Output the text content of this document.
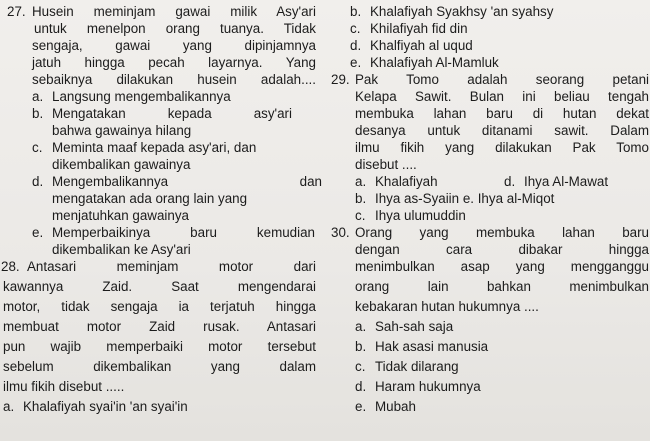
27. Husein meminjam gawai milik Asy'ari
untuk menelpon orang tuanya. Tidak
sengaja, gawai yang dipinjamnya
jatuh hingga pecah layarnya. Yang
sebaiknya dilakukan husein adalah....
a. Langsung mengembalikannya
b. Mengatakan kepada asy'ari
bahwa gawainya hilang
c. Meminta maaf kepada asy'ari, dan
dikembalikan gawainya
d. Mengembalikannya dan
mengatakan ada orang lain yang
menjatuhkan gawainya
e. Memperbaikinya baru kemudian
dikembalikan ke Asy'ari
28. Antasari meminjam motor dari
kawannya Zaid. Saat mengendarai
motor, tidak sengaja ia terjatuh hingga
membuat motor Zaid rusak. Antasari
pun wajib memperbaiki motor tersebut
sebelum dikembalikan yang dalam
ilmu fikih disebut .....
a. Khalafiyah syai'in 'an syai'in
b. Khalafiyah Syakhsy 'an syahsy
c. Khilafiyah fid din
d. Khalfiyah al uqud
e. Khalafiyah Al-Mamluk
29. Pak Tomo adalah seorang petani
Kelapa Sawit. Bulan ini beliau tengah
membuka lahan baru di hutan dekat
desanya untuk ditanami sawit. Dalam
ilmu fikih yang dilakukan Pak Tomo
disebut ....
a. Khalafiyah	d. Ihya Al-Mawat
b. Ihya as-Syaiin e. Ihya al-Miqot
c. Ihya ulumuddin
30. Orang yang membuka lahan baru
dengan cara dibakar hingga
menimbulkan asap yang mengganggu
orang lain bahkan menimbulkan
kebakaran hutan hukumnya ....
a. Sah-sah saja
b. Hak asasi manusia
c. Tidak dilarang
d. Haram hukumnya
e. Mubah
